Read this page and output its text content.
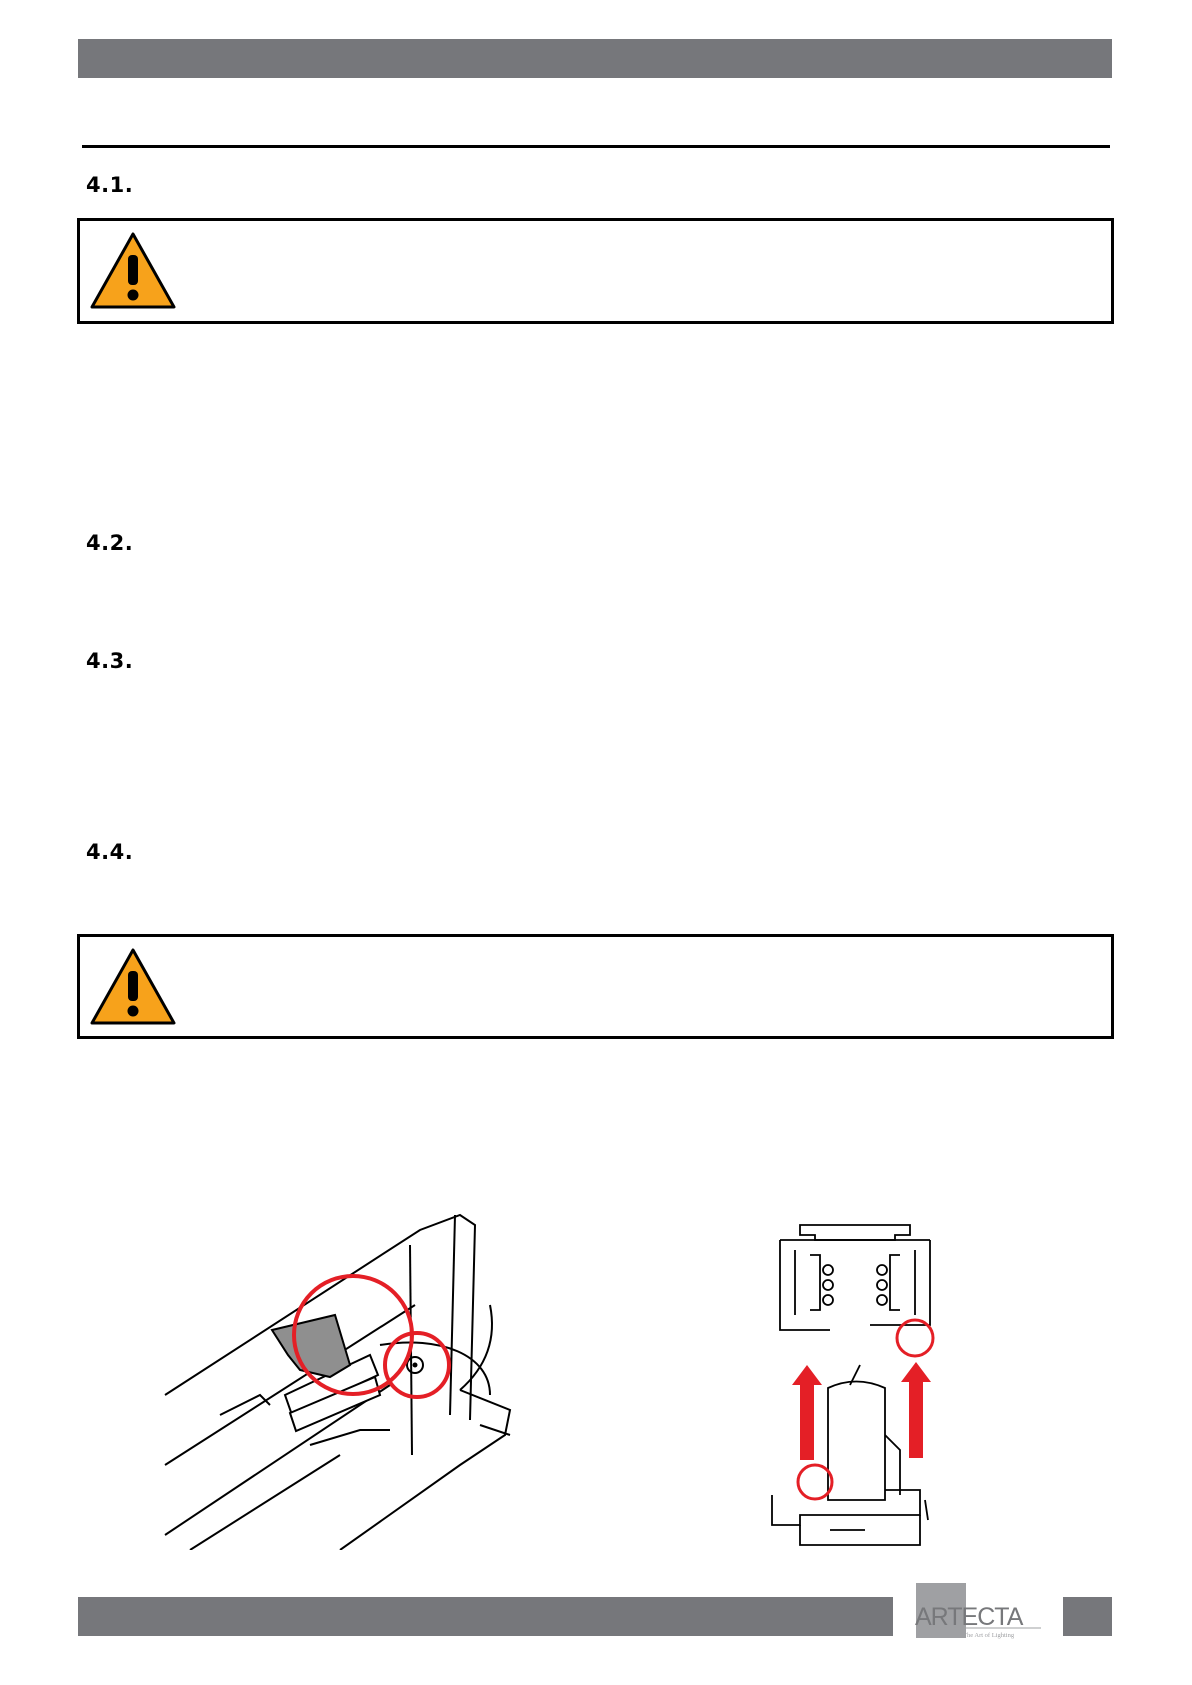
4.1.
4.2.
4.3.
4.4.
ARTECTA
The Art of Lighting
